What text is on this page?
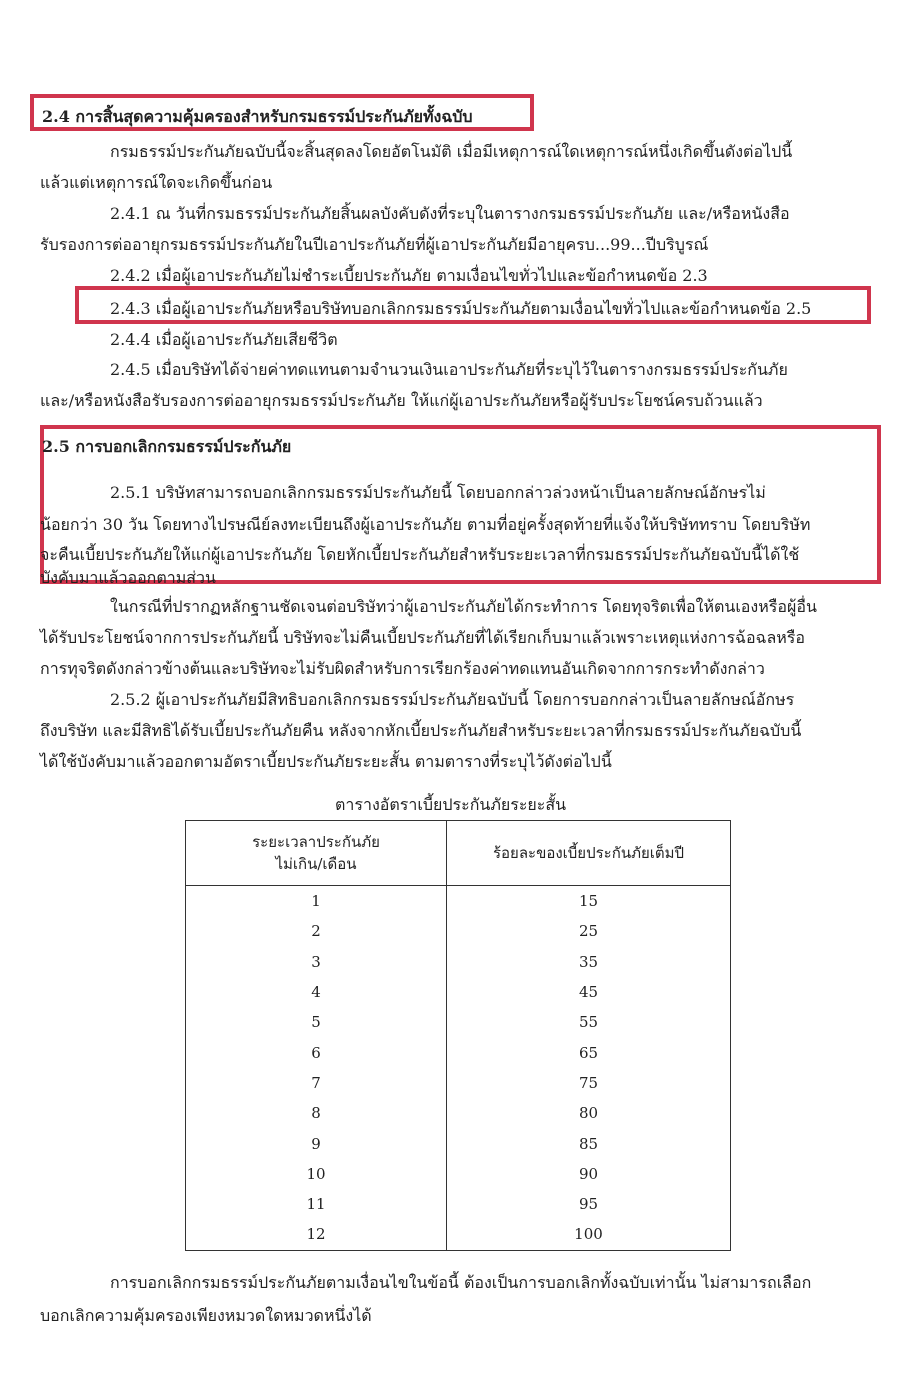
2.4 การสิ้นสุดความคุ้มครองสำหรับกรมธรรม์ประกันภัยทั้งฉบับ
กรมธรรม์ประกันภัยฉบับนี้จะสิ้นสุดลงโดยอัตโนมัติ เมื่อมีเหตุการณ์ใดเหตุการณ์หนึ่งเกิดขึ้นดังต่อไปนี้
แล้วแต่เหตุการณ์ใดจะเกิดขึ้นก่อน
2.4.1 ณ วันที่กรมธรรม์ประกันภัยสิ้นผลบังคับดังที่ระบุในตารางกรมธรรม์ประกันภัย และ/หรือหนังสือ
รับรองการต่ออายุกรมธรรม์ประกันภัยในปีเอาประกันภัยที่ผู้เอาประกันภัยมีอายุครบ...99...ปีบริบูรณ์
2.4.2 เมื่อผู้เอาประกันภัยไม่ชำระเบี้ยประกันภัย ตามเงื่อนไขทั่วไปและข้อกำหนดข้อ 2.3
2.4.3 เมื่อผู้เอาประกันภัยหรือบริษัทบอกเลิกกรมธรรม์ประกันภัยตามเงื่อนไขทั่วไปและข้อกำหนดข้อ 2.5
2.4.4 เมื่อผู้เอาประกันภัยเสียชีวิต
2.4.5 เมื่อบริษัทได้จ่ายค่าทดแทนตามจำนวนเงินเอาประกันภัยที่ระบุไว้ในตารางกรมธรรม์ประกันภัย
และ/หรือหนังสือรับรองการต่ออายุกรมธรรม์ประกันภัย ให้แก่ผู้เอาประกันภัยหรือผู้รับประโยชน์ครบถ้วนแล้ว
2.5 การบอกเลิกกรมธรรม์ประกันภัย
2.5.1 บริษัทสามารถบอกเลิกกรมธรรม์ประกันภัยนี้ โดยบอกกล่าวล่วงหน้าเป็นลายลักษณ์อักษรไม่
น้อยกว่า 30 วัน โดยทางไปรษณีย์ลงทะเบียนถึงผู้เอาประกันภัย ตามที่อยู่ครั้งสุดท้ายที่แจ้งให้บริษัททราบ โดยบริษัท
จะคืนเบี้ยประกันภัยให้แก่ผู้เอาประกันภัย โดยหักเบี้ยประกันภัยสำหรับระยะเวลาที่กรมธรรม์ประกันภัยฉบับนี้ได้ใช้
บังคับมาแล้วออกตามส่วน
ในกรณีที่ปรากฏหลักฐานชัดเจนต่อบริษัทว่าผู้เอาประกันภัยได้กระทำการ โดยทุจริตเพื่อให้ตนเองหรือผู้อื่น
ได้รับประโยชน์จากการประกันภัยนี้ บริษัทจะไม่คืนเบี้ยประกันภัยที่ได้เรียกเก็บมาแล้วเพราะเหตุแห่งการฉ้อฉลหรือ
การทุจริตดังกล่าวข้างต้นและบริษัทจะไม่รับผิดสำหรับการเรียกร้องค่าทดแทนอันเกิดจากการกระทำดังกล่าว
2.5.2 ผู้เอาประกันภัยมีสิทธิบอกเลิกกรมธรรม์ประกันภัยฉบับนี้ โดยการบอกกล่าวเป็นลายลักษณ์อักษร
ถึงบริษัท และมีสิทธิได้รับเบี้ยประกันภัยคืน หลังจากหักเบี้ยประกันภัยสำหรับระยะเวลาที่กรมธรรม์ประกันภัยฉบับนี้
ได้ใช้บังคับมาแล้วออกตามอัตราเบี้ยประกันภัยระยะสั้น ตามตารางที่ระบุไว้ดังต่อไปนี้
ตารางอัตราเบี้ยประกันภัยระยะสั้น
ระยะเวลาประกันภัย
ไม่เกิน/เดือน	ร้อยละของเบี้ยประกันภัยเต็มปี
1	15
2	25
3	35
4	45
5	55
6	65
7	75
8	80
9	85
10	90
11	95
12	100
การบอกเลิกกรมธรรม์ประกันภัยตามเงื่อนไขในข้อนี้ ต้องเป็นการบอกเลิกทั้งฉบับเท่านั้น ไม่สามารถเลือก
บอกเลิกความคุ้มครองเพียงหมวดใดหมวดหนึ่งได้
